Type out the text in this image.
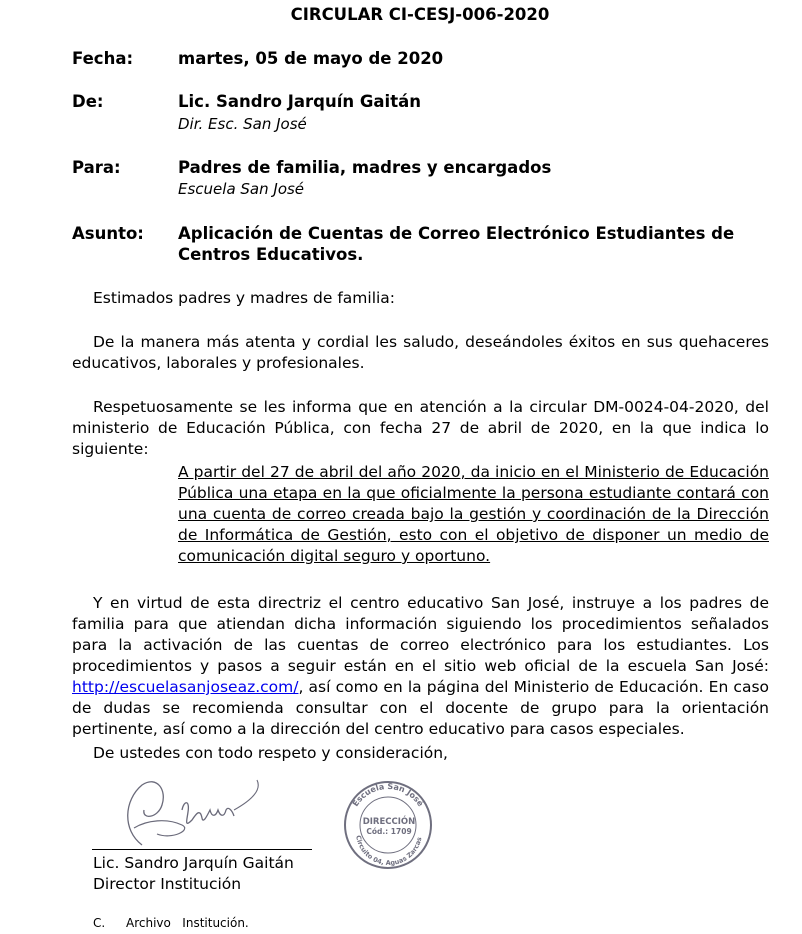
CIRCULAR CI-CESJ-006-2020
Fecha:	martes, 05 de mayo de 2020
De:	Lic. Sandro Jarquín Gaitán
Dir. Esc. San José
Para:	Padres de familia, madres y encargados
Escuela San José
Asunto: Aplicación de Cuentas de Correo Electrónico Estudiantes de Centros Educativos.
Estimados padres y madres de familia:
De la manera más atenta y cordial les saludo, deseándoles éxitos en sus quehaceres educativos, laborales y profesionales.
Respetuosamente se les informa que en atención a la circular DM-0024-04-2020, del ministerio de Educación Pública, con fecha 27 de abril de 2020, en la que indica lo siguiente:
A partir del 27 de abril del año 2020, da inicio en el Ministerio de Educación Pública una etapa en la que oficialmente la persona estudiante contará con una cuenta de correo creada bajo la gestión y coordinación de la Dirección de Informática de Gestión, esto con el objetivo de disponer un medio de comunicación digital seguro y oportuno.
Y en virtud de esta directriz el centro educativo San José, instruye a los padres de familia para que atiendan dicha información siguiendo los procedimientos señalados para la activación de las cuentas de correo electrónico para los estudiantes. Los procedimientos y pasos a seguir están en el sitio web oficial de la escuela San José: http://escuelasanjoseaz.com/, así como en la página del Ministerio de Educación. En caso de dudas se recomienda consultar con el docente de grupo para la orientación pertinente, así como a la dirección del centro educativo para casos especiales.
De ustedes con todo respeto y consideración,
Escuela San José
DIRECCIÓN
Cód.: 1709
Circuito 04, Aguas Zarcas
Lic. Sandro Jarquín Gaitán
Director Institución
C. Archivo   Institución.
